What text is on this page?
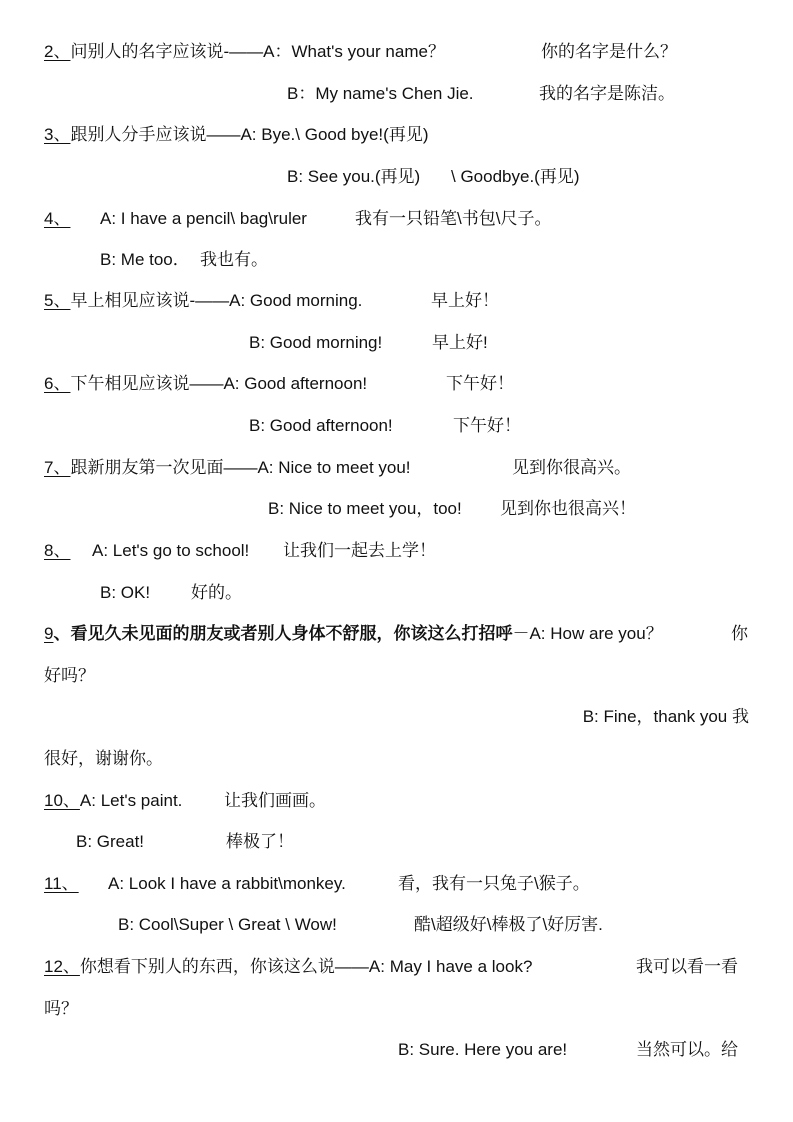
2、问别人的名字应该说-——A：What's your name？	你的名字是什么？
B：My name's Chen Jie.	我的名字是陈洁。
3、跟别人分手应该说——A: Bye.\ Good bye!(再见)
B: See you.(再见) \ Goodbye.(再见)
4、	A: I have a pencil\ bag\ruler	我有一只铅笔\书包\尺子。
B: Me too． 我也有。
5、早上相见应该说-——A: Good morning.	早上好！
B: Good morning!	早上好!
6、下午相见应该说——A: Good afternoon!	下午好！
B: Good afternoon!	下午好！
7、跟新朋友第一次见面——A: Nice to meet you!	见到你很高兴。
B: Nice to meet you，too! 见到你也很高兴！
8、	A: Let's go to school! 让我们一起去上学！
B: OK! 好的。
9、看见久未见面的朋友或者别人身体不舒服，你该这么打招呼－A: How are you？	你
好吗？
B: Fine，thank you 我
很好，谢谢你。
10、A: Let's paint. 让我们画画。
B: Great!	棒极了！
11、	A: Look I have a rabbit\monkey.	看，我有一只兔子\猴子。
B: Cool\Super \ Great \ Wow!	酷\超级好\棒极了\好厉害.
12、你想看下别人的东西，你该这么说——A: May I have a look?	我可以看一看
吗？
B: Sure. Here you are!	当然可以。给
